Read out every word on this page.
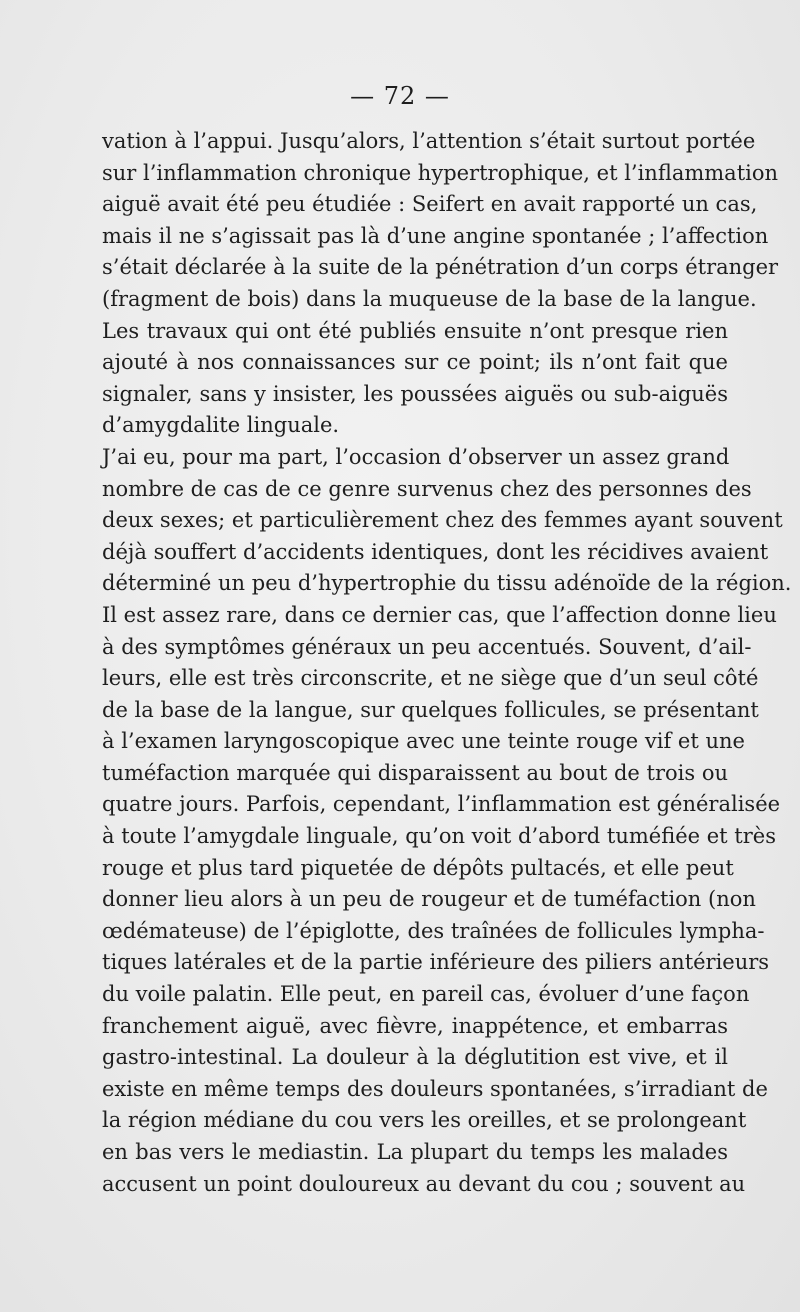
— 72 —
vation à l’appui. Jusqu’alors, l’attention s’était surtout portée
sur l’inflammation chronique hypertrophique, et l’inflammation
aiguë avait été peu étudiée : Seifert en avait rapporté un cas,
mais il ne s’agissait pas là d’une angine spontanée ; l’affection
s’était déclarée à la suite de la pénétration d’un corps étranger
(fragment de bois) dans la muqueuse de la base de la langue.
Les travaux qui ont été publiés ensuite n’ont presque rien
ajouté à nos connaissances sur ce point; ils n’ont fait que
signaler, sans y insister, les poussées aiguës ou sub-aiguës
d’amygdalite linguale.
J’ai eu, pour ma part, l’occasion d’observer un assez grand
nombre de cas de ce genre survenus chez des personnes des
deux sexes; et particulièrement chez des femmes ayant souvent
déjà souffert d’accidents identiques, dont les récidives avaient
déterminé un peu d’hypertrophie du tissu adénoïde de la région.
Il est assez rare, dans ce dernier cas, que l’affection donne lieu
à des symptômes généraux un peu accentués. Souvent, d’ail-
leurs, elle est très circonscrite, et ne siège que d’un seul côté
de la base de la langue, sur quelques follicules, se présentant
à l’examen laryngoscopique avec une teinte rouge vif et une
tuméfaction marquée qui disparaissent au bout de trois ou
quatre jours. Parfois, cependant, l’inflammation est généralisée
à toute l’amygdale linguale, qu’on voit d’abord tuméfiée et très
rouge et plus tard piquetée de dépôts pultacés, et elle peut
donner lieu alors à un peu de rougeur et de tuméfaction (non
œdémateuse) de l’épiglotte, des traînées de follicules lympha-
tiques latérales et de la partie inférieure des piliers antérieurs
du voile palatin. Elle peut, en pareil cas, évoluer d’une façon
franchement aiguë, avec fièvre, inappétence, et embarras
gastro-intestinal. La douleur à la déglutition est vive, et il
existe en même temps des douleurs spontanées, s’irradiant de
la région médiane du cou vers les oreilles, et se prolongeant
en bas vers le mediastin. La plupart du temps les malades
accusent un point douloureux au devant du cou ; souvent au
